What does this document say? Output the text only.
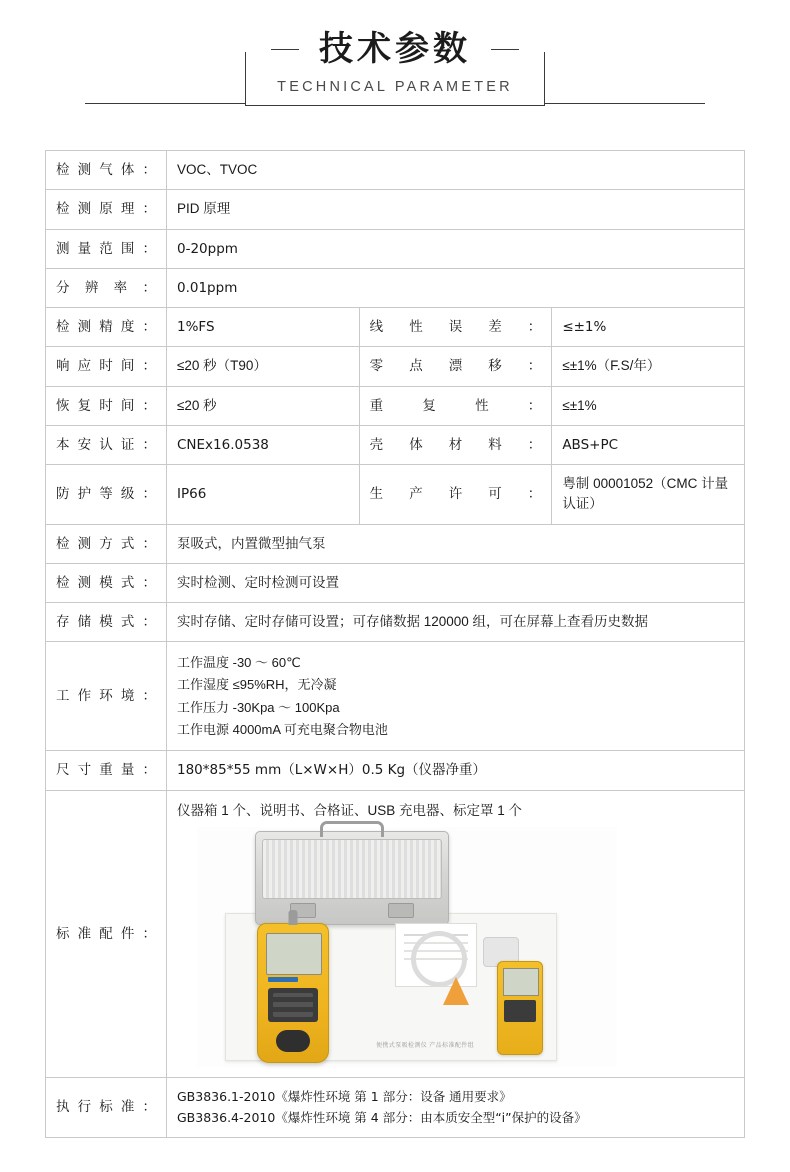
技术参数
TECHNICAL PARAMETER
检测气体：	VOC、TVOC		
检测原理：	PID 原理		
测量范围：	0-20ppm		
分辨率：	0.01ppm		
检测精度：	1%FS	线性误差：	≤±1%
响应时间：	≤20 秒（T90）	零点漂移：	≤±1%（F.S/年）
恢复时间：	≤20 秒	重复性：	≤±1%
本安认证：	CNEx16.0538	壳体材料：	ABS+PC
防护等级：	IP66	生产许可：	粤制 00001052（CMC 计量认证）
检测方式：	泵吸式，内置微型抽气泵		
检测模式：	实时检测、定时检测可设置		
存储模式：	实时存储、定时存储可设置；可存储数据 120000 组，可在屏幕上查看历史数据		
工作环境：	工作温度 -30 ～ 60℃
工作湿度 ≤95%RH，无冷凝
工作压力 -30Kpa ～ 100Kpa
工作电源 4000mA 可充电聚合物电池		

尺寸重量：	180*85*55 mm（L×W×H）0.5 Kg（仪器净重）		
标准配件：	仪器箱 1 个、说明书、合格证、USB 充电器、标定罩 1 个
便携式泵吸检测仪 产品标准配件组		

执行标准：	GB3836.1-2010《爆炸性环境 第 1 部分：设备 通用要求》
GB3836.4-2010《爆炸性环境 第 4 部分：由本质安全型“i”保护的设备》		
